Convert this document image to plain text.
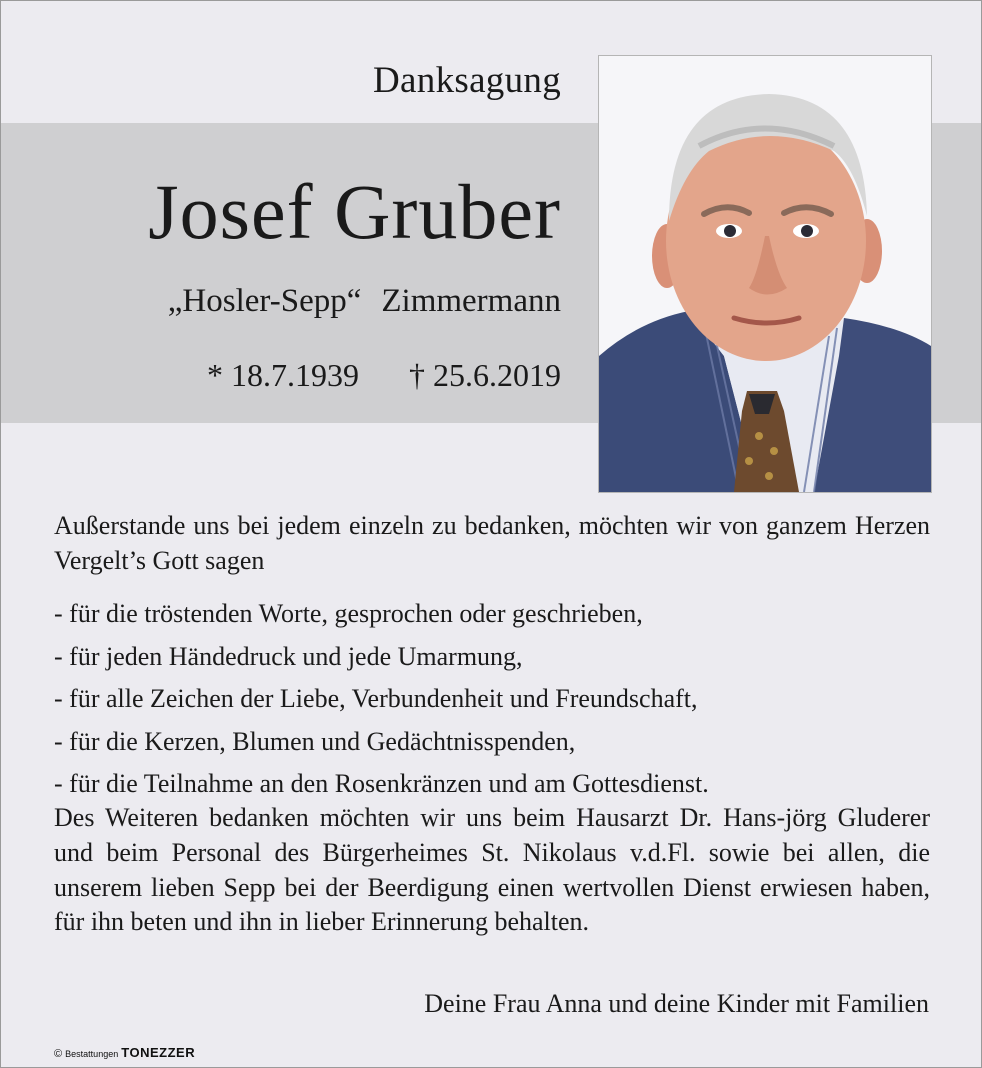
Danksagung
Josef Gruber
„Hosler-Sepp“ Zimmermann
* 18.7.1939 † 25.6.2019
Außerstande uns bei jedem einzeln zu bedanken, möchten wir von ganzem Herzen Vergelt’s Gott sagen
- für die tröstenden Worte, gesprochen oder geschrieben,
- für jeden Händedruck und jede Umarmung,
- für alle Zeichen der Liebe, Verbundenheit und Freundschaft,
- für die Kerzen, Blumen und Gedächtnisspenden,
- für die Teilnahme an den Rosenkränzen und am Gottesdienst.
Des Weiteren bedanken möchten wir uns beim Hausarzt Dr. Hans-jörg Gluderer und beim Personal des Bürgerheimes St. Nikolaus v.d.Fl. sowie bei allen, die unserem lieben Sepp bei der Beerdigung einen wertvollen Dienst erwiesen haben, für ihn beten und ihn in lieber Erinnerung behalten.
Deine Frau Anna und deine Kinder mit Familien
© Bestattungen TONEZZER
